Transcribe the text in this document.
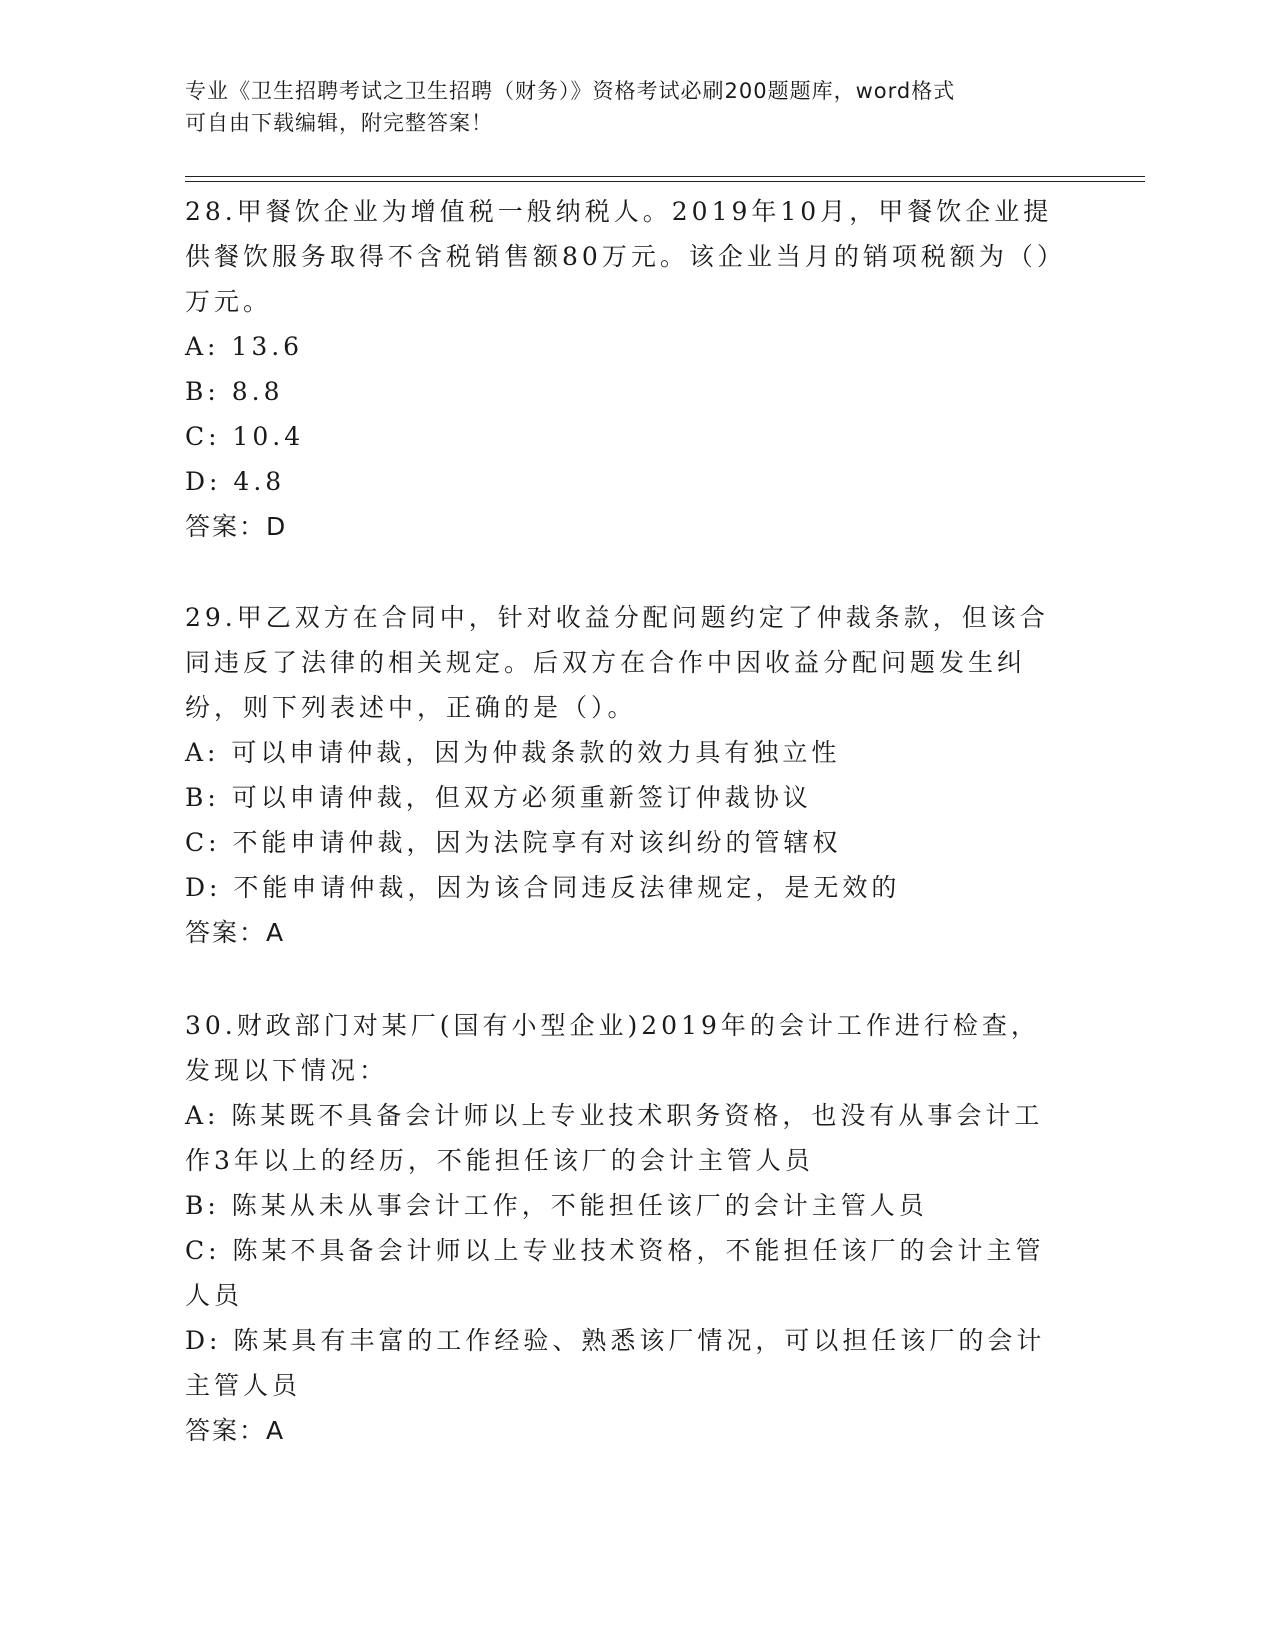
专业《卫生招聘考试之卫生招聘（财务）》资格考试必刷200题题库，word格式
可自由下载编辑，附完整答案！

28.甲餐饮企业为增值税一般纳税人。2019年10月，甲餐饮企业提供餐饮服务取得不含税销售额80万元。该企业当月的销项税额为（）万元。

A: 13.6

B: 8.8

C: 10.4

D: 4.8

答案：D

29.甲乙双方在合同中，针对收益分配问题约定了仲裁条款，但该合同违反了法律的相关规定。后双方在合作中因收益分配问题发生纠纷，则下列表述中，正确的是（）。

A: 可以申请仲裁，因为仲裁条款的效力具有独立性

B: 可以申请仲裁，但双方必须重新签订仲裁协议

C: 不能申请仲裁，因为法院享有对该纠纷的管辖权

D: 不能申请仲裁，因为该合同违反法律规定，是无效的

答案：A

30.财政部门对某厂(国有小型企业)2019年的会计工作进行检查，发现以下情况：

A: 陈某既不具备会计师以上专业技术职务资格，也没有从事会计工作3年以上的经历，不能担任该厂的会计主管人员

B: 陈某从未从事会计工作，不能担任该厂的会计主管人员

C: 陈某不具备会计师以上专业技术资格，不能担任该厂的会计主管人员

D: 陈某具有丰富的工作经验、熟悉该厂情况，可以担任该厂的会计主管人员

答案：A
